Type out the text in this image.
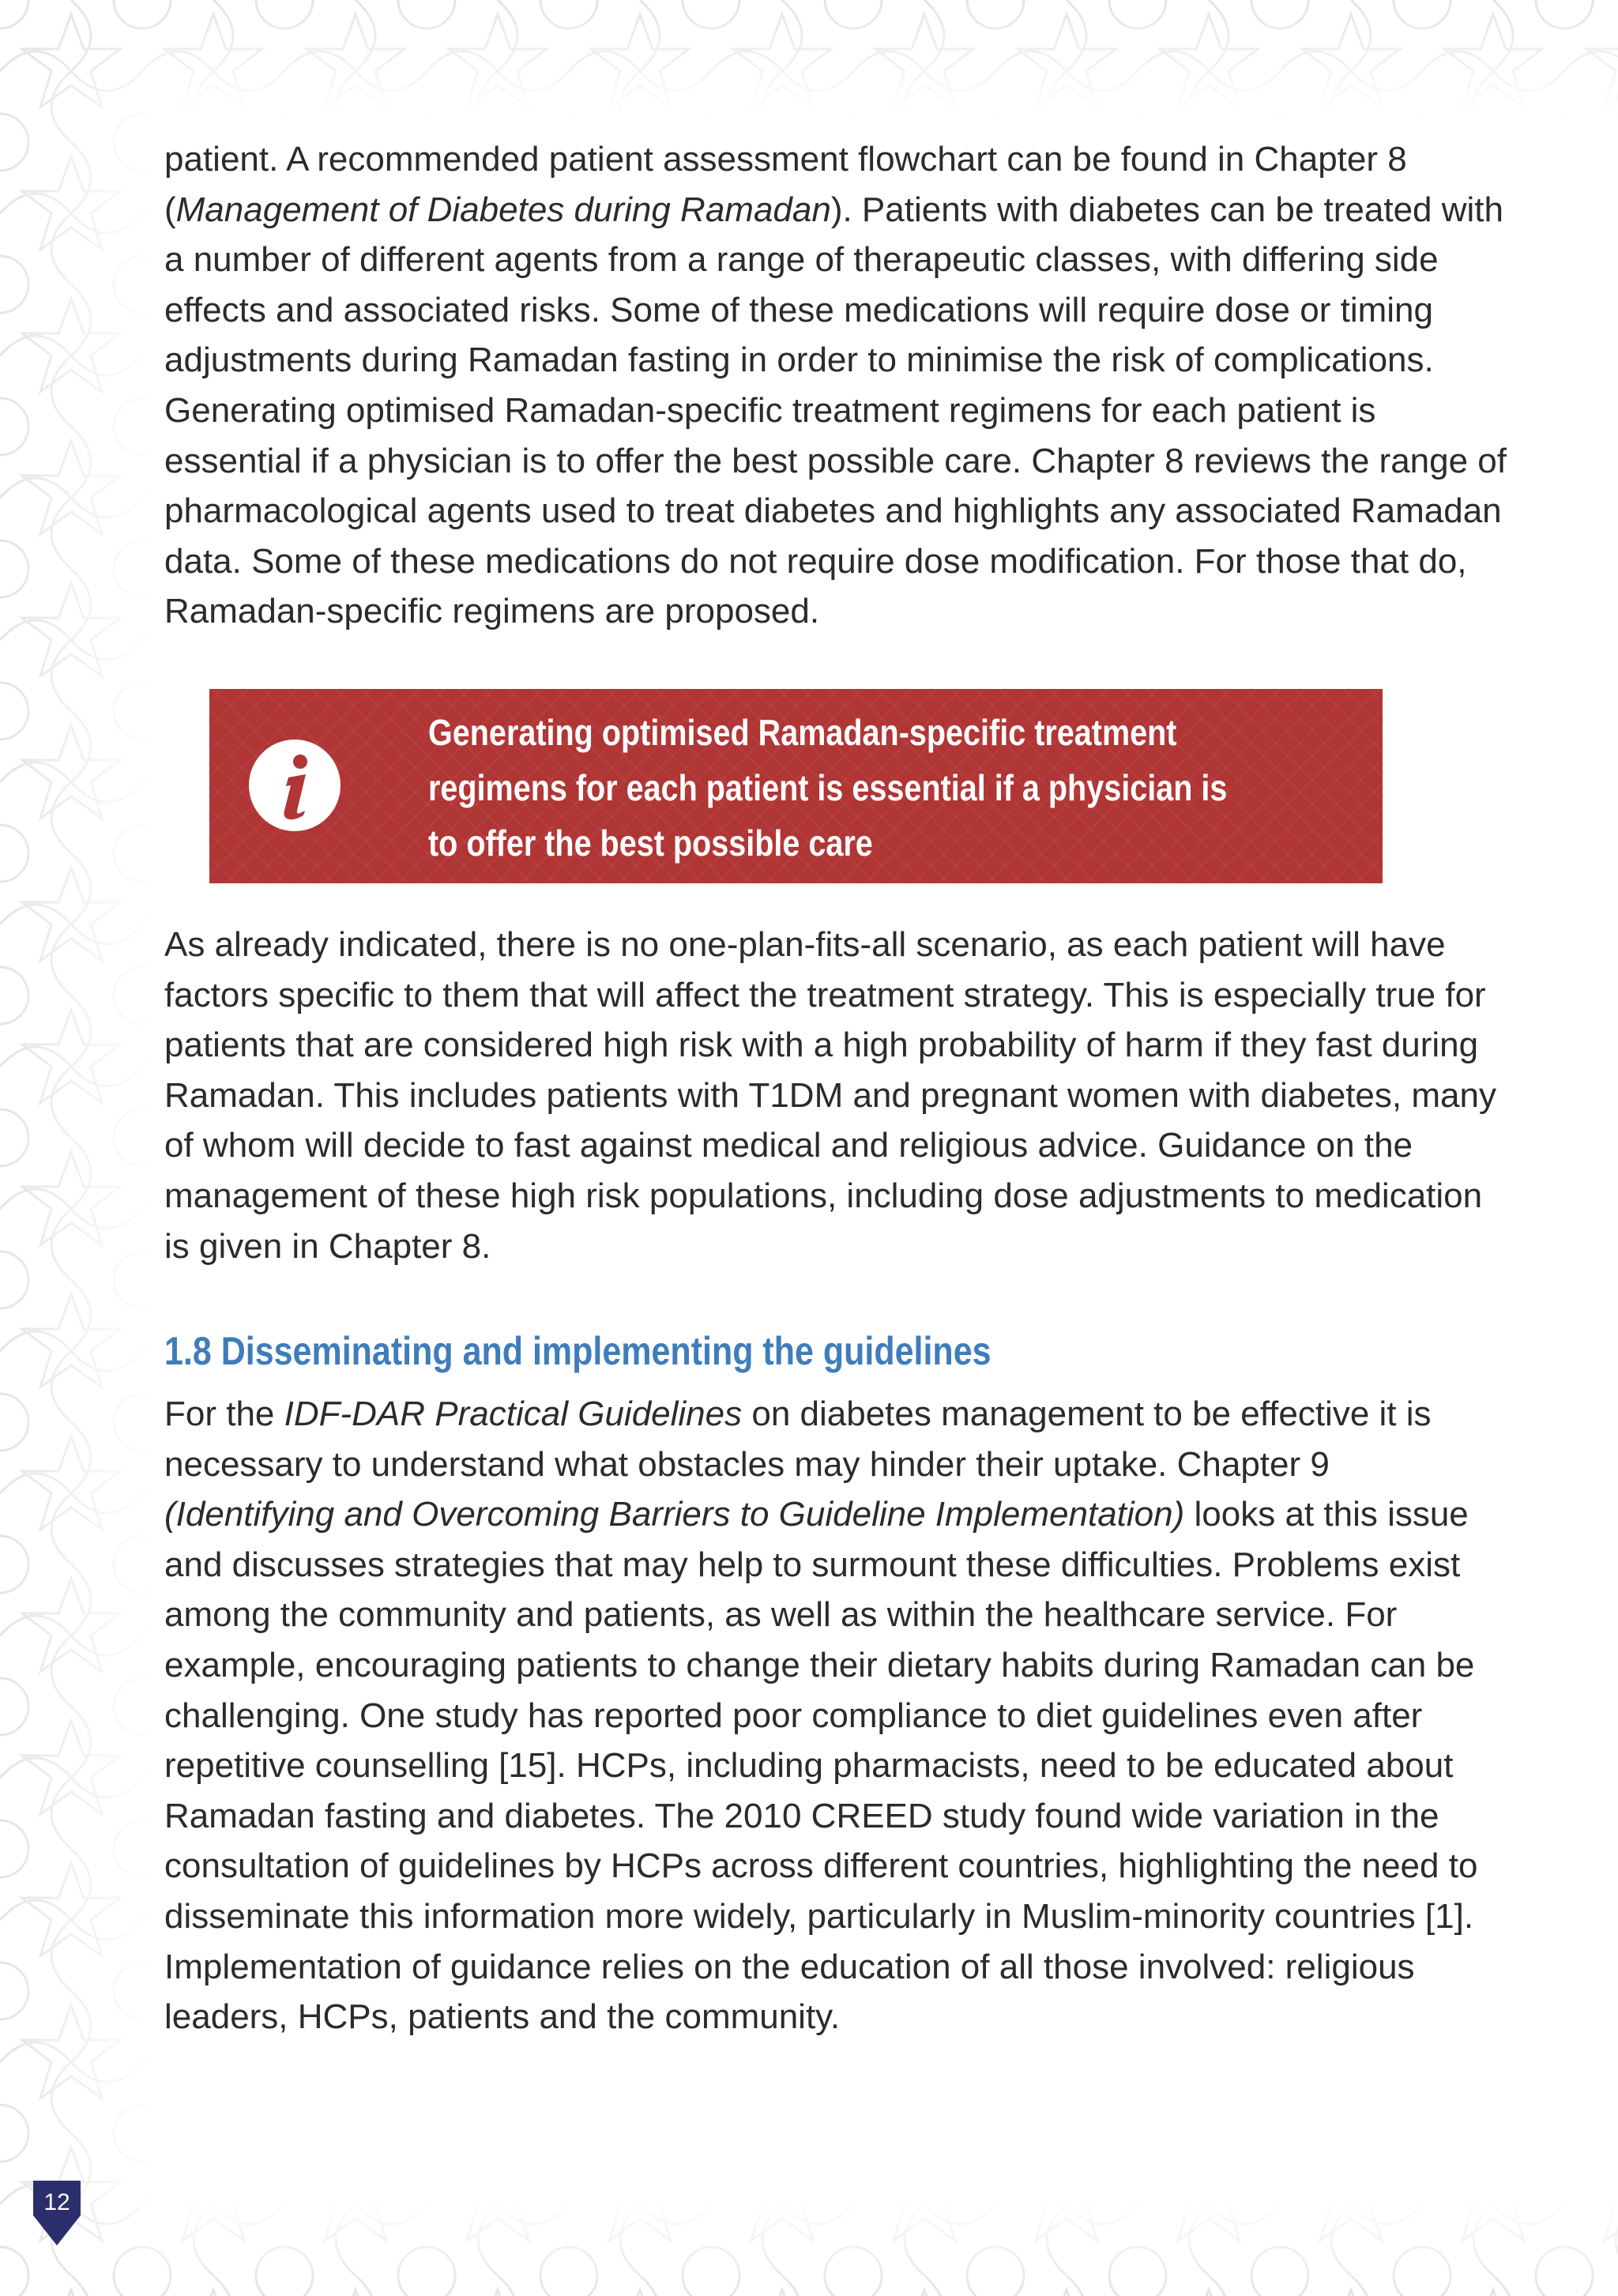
patient. A recommended patient assessment flowchart can be found in Chapter 8 (Management of Diabetes during Ramadan). Patients with diabetes can be treated with a number of different agents from a range of therapeutic classes, with differing side effects and associated risks. Some of these medications will require dose or timing adjustments during Ramadan fasting in order to minimise the risk of complications. Generating optimised Ramadan-specific treatment regimens for each patient is essential if a physician is to offer the best possible care. Chapter 8 reviews the range of pharmacological agents used to treat diabetes and highlights any associated Ramadan data. Some of these medications do not require dose modification. For those that do, Ramadan-specific regimens are proposed.

Generating optimised Ramadan-specific treatment regimens for each patient is essential if a physician is to offer the best possible care

As already indicated, there is no one-plan-fits-all scenario, as each patient will have factors specific to them that will affect the treatment strategy. This is especially true for patients that are considered high risk with a high probability of harm if they fast during Ramadan. This includes patients with T1DM and pregnant women with diabetes, many of whom will decide to fast against medical and religious advice. Guidance on the management of these high risk populations, including dose adjustments to medication is given in Chapter 8.

1.8 Disseminating and implementing the guidelines

For the IDF-DAR Practical Guidelines on diabetes management to be effective it is necessary to understand what obstacles may hinder their uptake. Chapter 9 (Identifying and Overcoming Barriers to Guideline Implementation) looks at this issue and discusses strategies that may help to surmount these difficulties. Problems exist among the community and patients, as well as within the healthcare service. For example, encouraging patients to change their dietary habits during Ramadan can be challenging. One study has reported poor compliance to diet guidelines even after repetitive counselling [15]. HCPs, including pharmacists, need to be educated about Ramadan fasting and diabetes. The 2010 CREED study found wide variation in the consultation of guidelines by HCPs across different countries, highlighting the need to disseminate this information more widely, particularly in Muslim-minority countries [1]. Implementation of guidance relies on the education of all those involved: religious leaders, HCPs, patients and the community.

12
